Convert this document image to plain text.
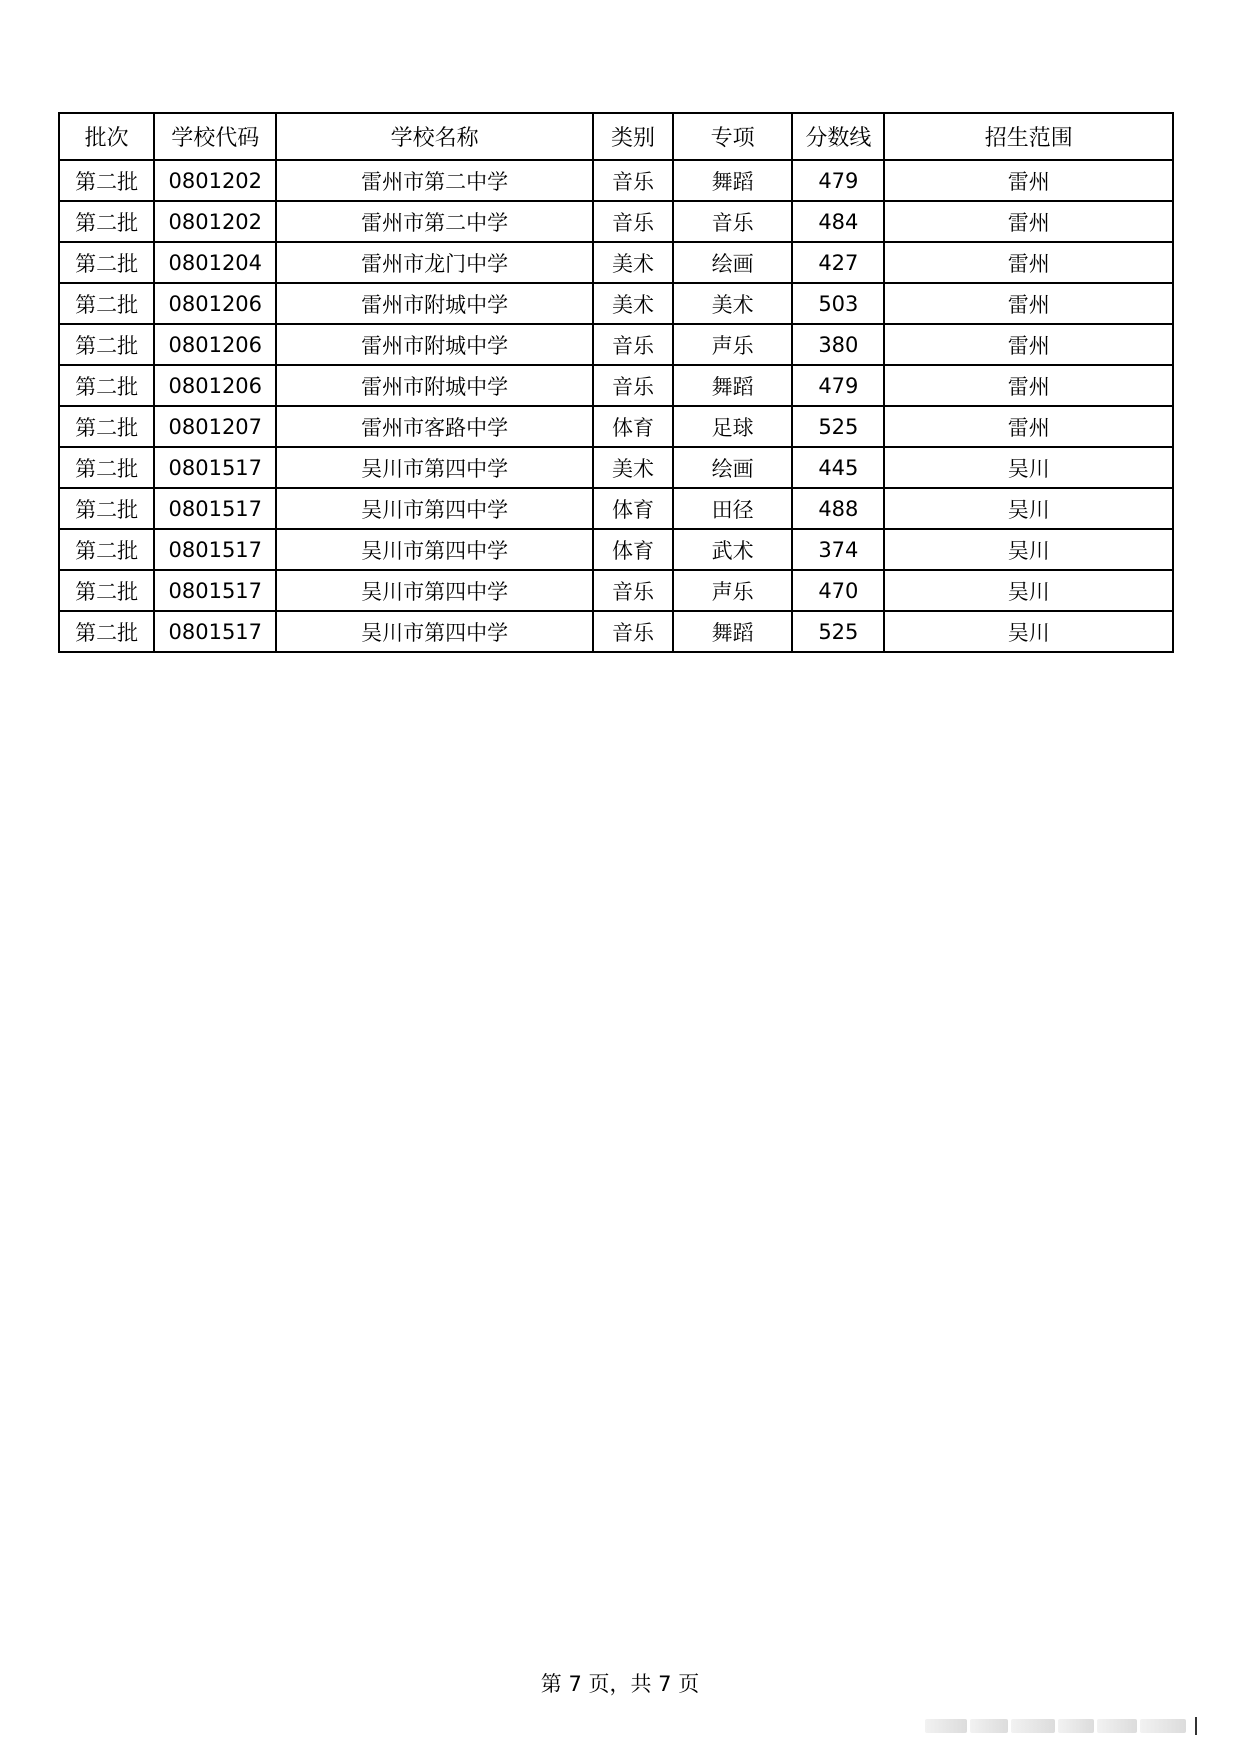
批次	学校代码	学校名称	类别	专项	分数线	招生范围
第二批	0801202	雷州市第二中学	音乐	舞蹈	479	雷州
第二批	0801202	雷州市第二中学	音乐	音乐	484	雷州
第二批	0801204	雷州市龙门中学	美术	绘画	427	雷州
第二批	0801206	雷州市附城中学	美术	美术	503	雷州
第二批	0801206	雷州市附城中学	音乐	声乐	380	雷州
第二批	0801206	雷州市附城中学	音乐	舞蹈	479	雷州
第二批	0801207	雷州市客路中学	体育	足球	525	雷州
第二批	0801517	吴川市第四中学	美术	绘画	445	吴川
第二批	0801517	吴川市第四中学	体育	田径	488	吴川
第二批	0801517	吴川市第四中学	体育	武术	374	吴川
第二批	0801517	吴川市第四中学	音乐	声乐	470	吴川
第二批	0801517	吴川市第四中学	音乐	舞蹈	525	吴川
第 7 页，共 7 页
